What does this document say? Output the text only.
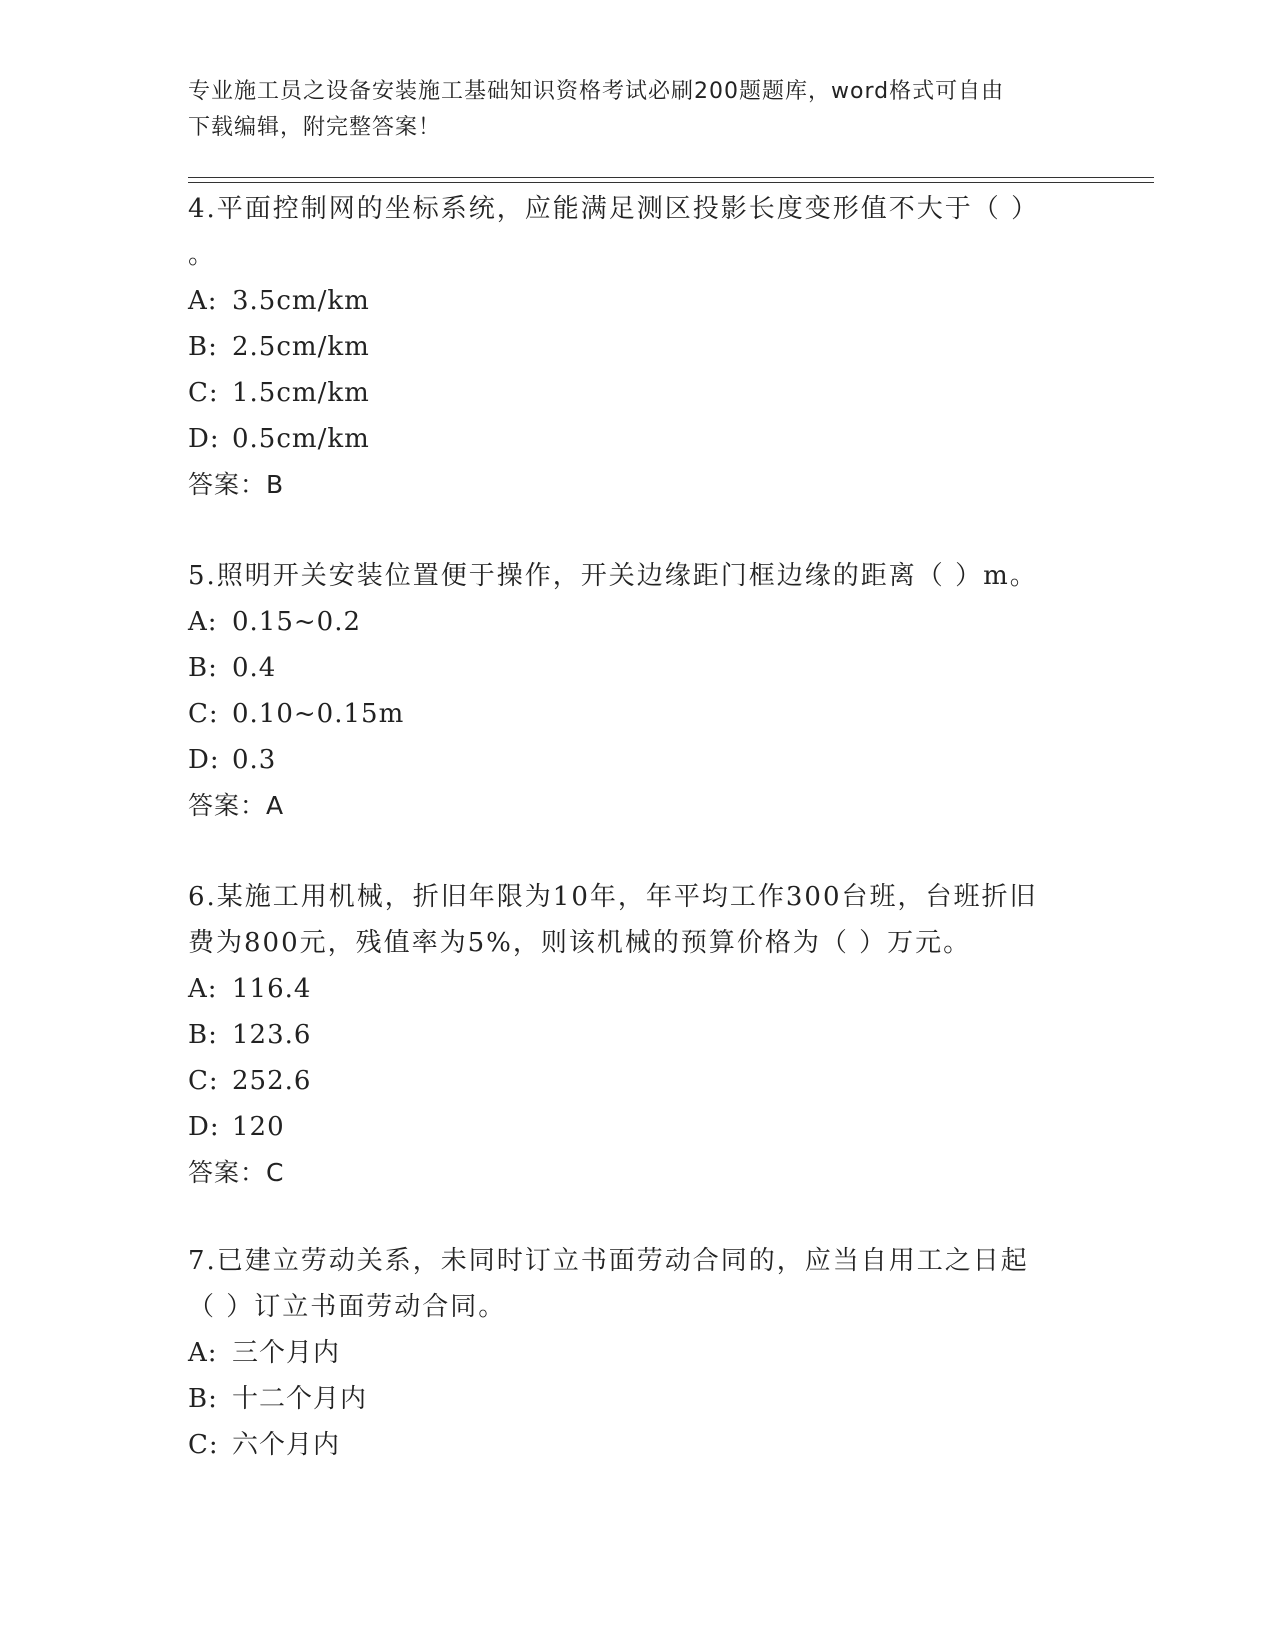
专业施工员之设备安装施工基础知识资格考试必刷200题题库，word格式可自由
下载编辑，附完整答案！

4.平面控制网的坐标系统，应能满足测区投影长度变形值不大于（ ）

。

A: 3.5cm/km

B: 2.5cm/km

C: 1.5cm/km

D: 0.5cm/km

答案：B

5.照明开关安装位置便于操作，开关边缘距门框边缘的距离（ ）m。

A: 0.15~0.2

B: 0.4

C: 0.10~0.15m

D: 0.3

答案：A

6.某施工用机械，折旧年限为10年，年平均工作300台班，台班折旧

费为800元，残值率为5%，则该机械的预算价格为（ ）万元。

A: 116.4

B: 123.6

C: 252.6

D: 120

答案：C

7.已建立劳动关系，未同时订立书面劳动合同的，应当自用工之日起

（ ）订立书面劳动合同。

A: 三个月内

B: 十二个月内

C: 六个月内
